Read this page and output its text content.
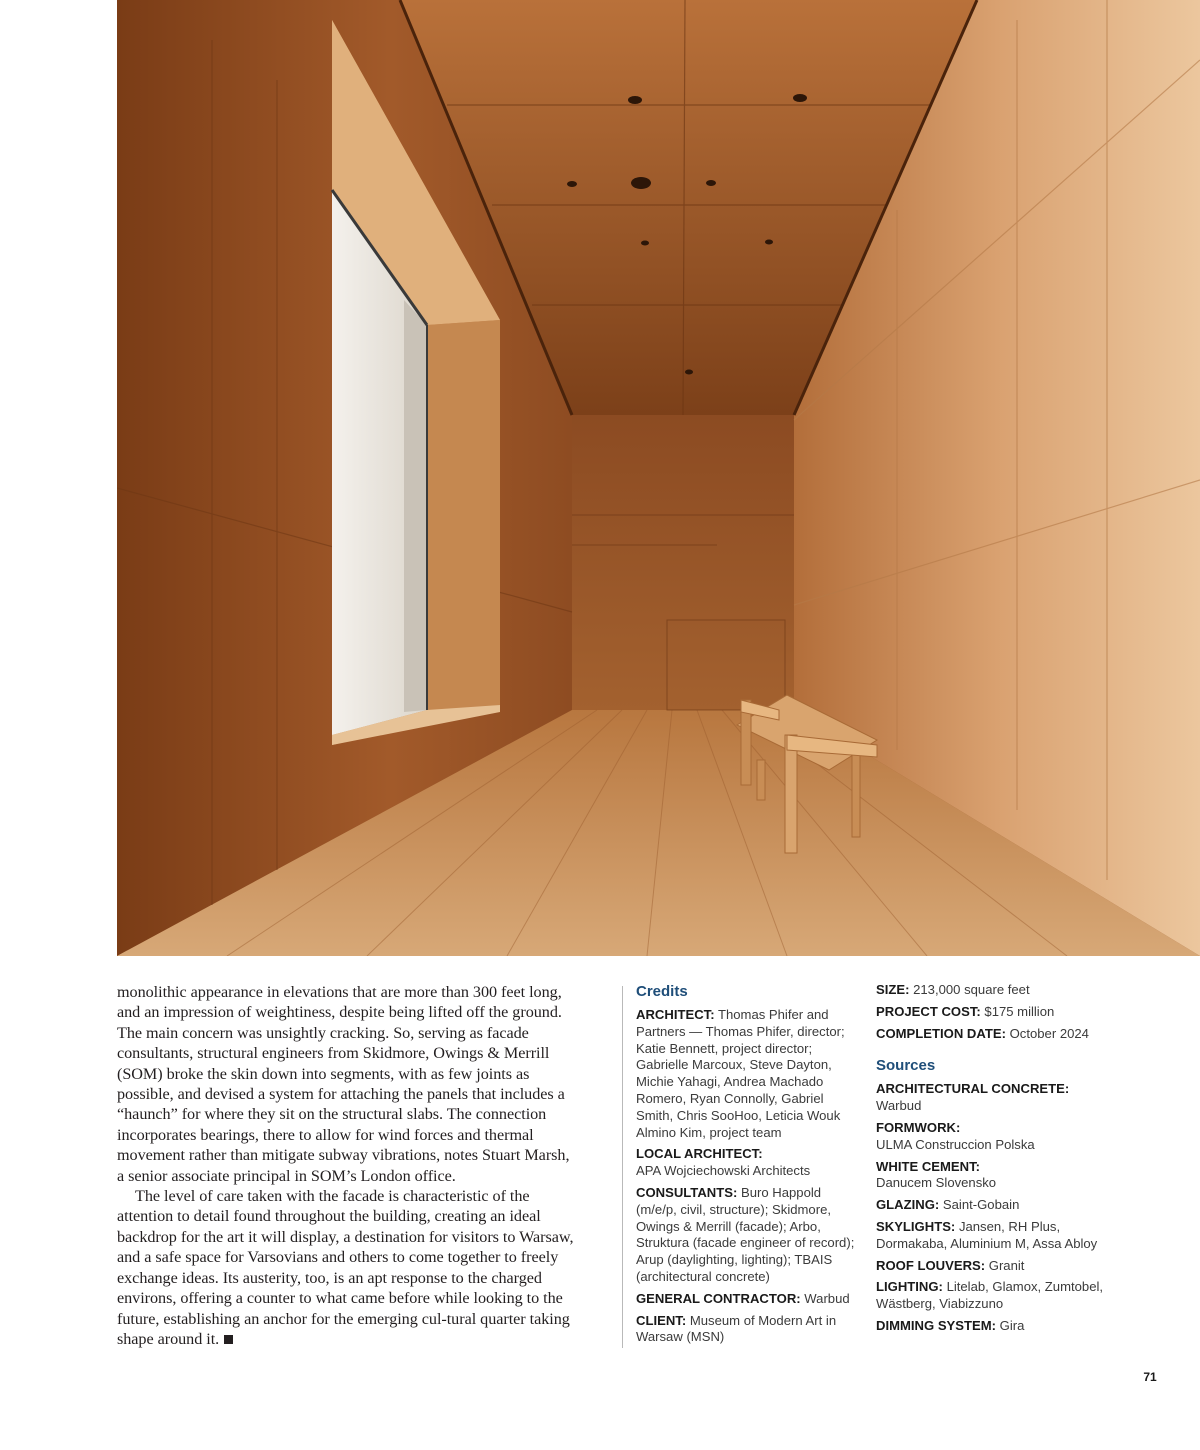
monolithic appearance in elevations that are more than 300 feet long, and an impression of weightiness, despite being lifted off the ground. The main concern was unsightly cracking. So, serving as facade consultants, structural engineers from Skidmore, Owings & Merrill (SOM) broke the skin down into segments, with as few joints as possible, and devised a system for attaching the panels that includes a “haunch” for where they sit on the structural slabs. The connection incorporates bearings, there to allow for wind forces and thermal movement rather than mitigate subway vibrations, notes Stuart Marsh, a senior associate principal in SOM’s London office.

The level of care taken with the facade is characteristic of the attention to detail found throughout the building, creating an ideal backdrop for the art it will display, a destination for visitors to Warsaw, and a safe space for Varsovians and others to come together to freely exchange ideas. Its austerity, too, is an apt response to the charged environs, offering a counter to what came before while looking to the future, establishing an anchor for the emerging cul-tural quarter taking shape around it.

Credits
ARCHITECT: Thomas Phifer and Partners — Thomas Phifer, director; Katie Bennett, project director; Gabrielle Marcoux, Steve Dayton, Michie Yahagi, Andrea Machado Romero, Ryan Connolly, Gabriel Smith, Chris SooHoo, Leticia Wouk Almino Kim, project team
LOCAL ARCHITECT:
APA Wojciechowski Architects
CONSULTANTS: Buro Happold (m/e/p, civil, structure); Skidmore, Owings & Merrill (facade); Arbo, Struktura (facade engineer of record); Arup (daylighting, lighting); TBAIS (architectural concrete)
GENERAL CONTRACTOR: Warbud
CLIENT: Museum of Modern Art in Warsaw (MSN)
SIZE: 213,000 square feet
PROJECT COST: $175 million
COMPLETION DATE: October 2024
Sources
ARCHITECTURAL CONCRETE:
Warbud
FORMWORK:
ULMA Construccion Polska
WHITE CEMENT:
Danucem Slovensko
GLAZING: Saint-Gobain
SKYLIGHTS: Jansen, RH Plus, Dormakaba, Aluminium M, Assa Abloy
ROOF LOUVERS: Granit
LIGHTING: Litelab, Glamox, Zumtobel, Wästberg, Viabizzuno
DIMMING SYSTEM: Gira
71
